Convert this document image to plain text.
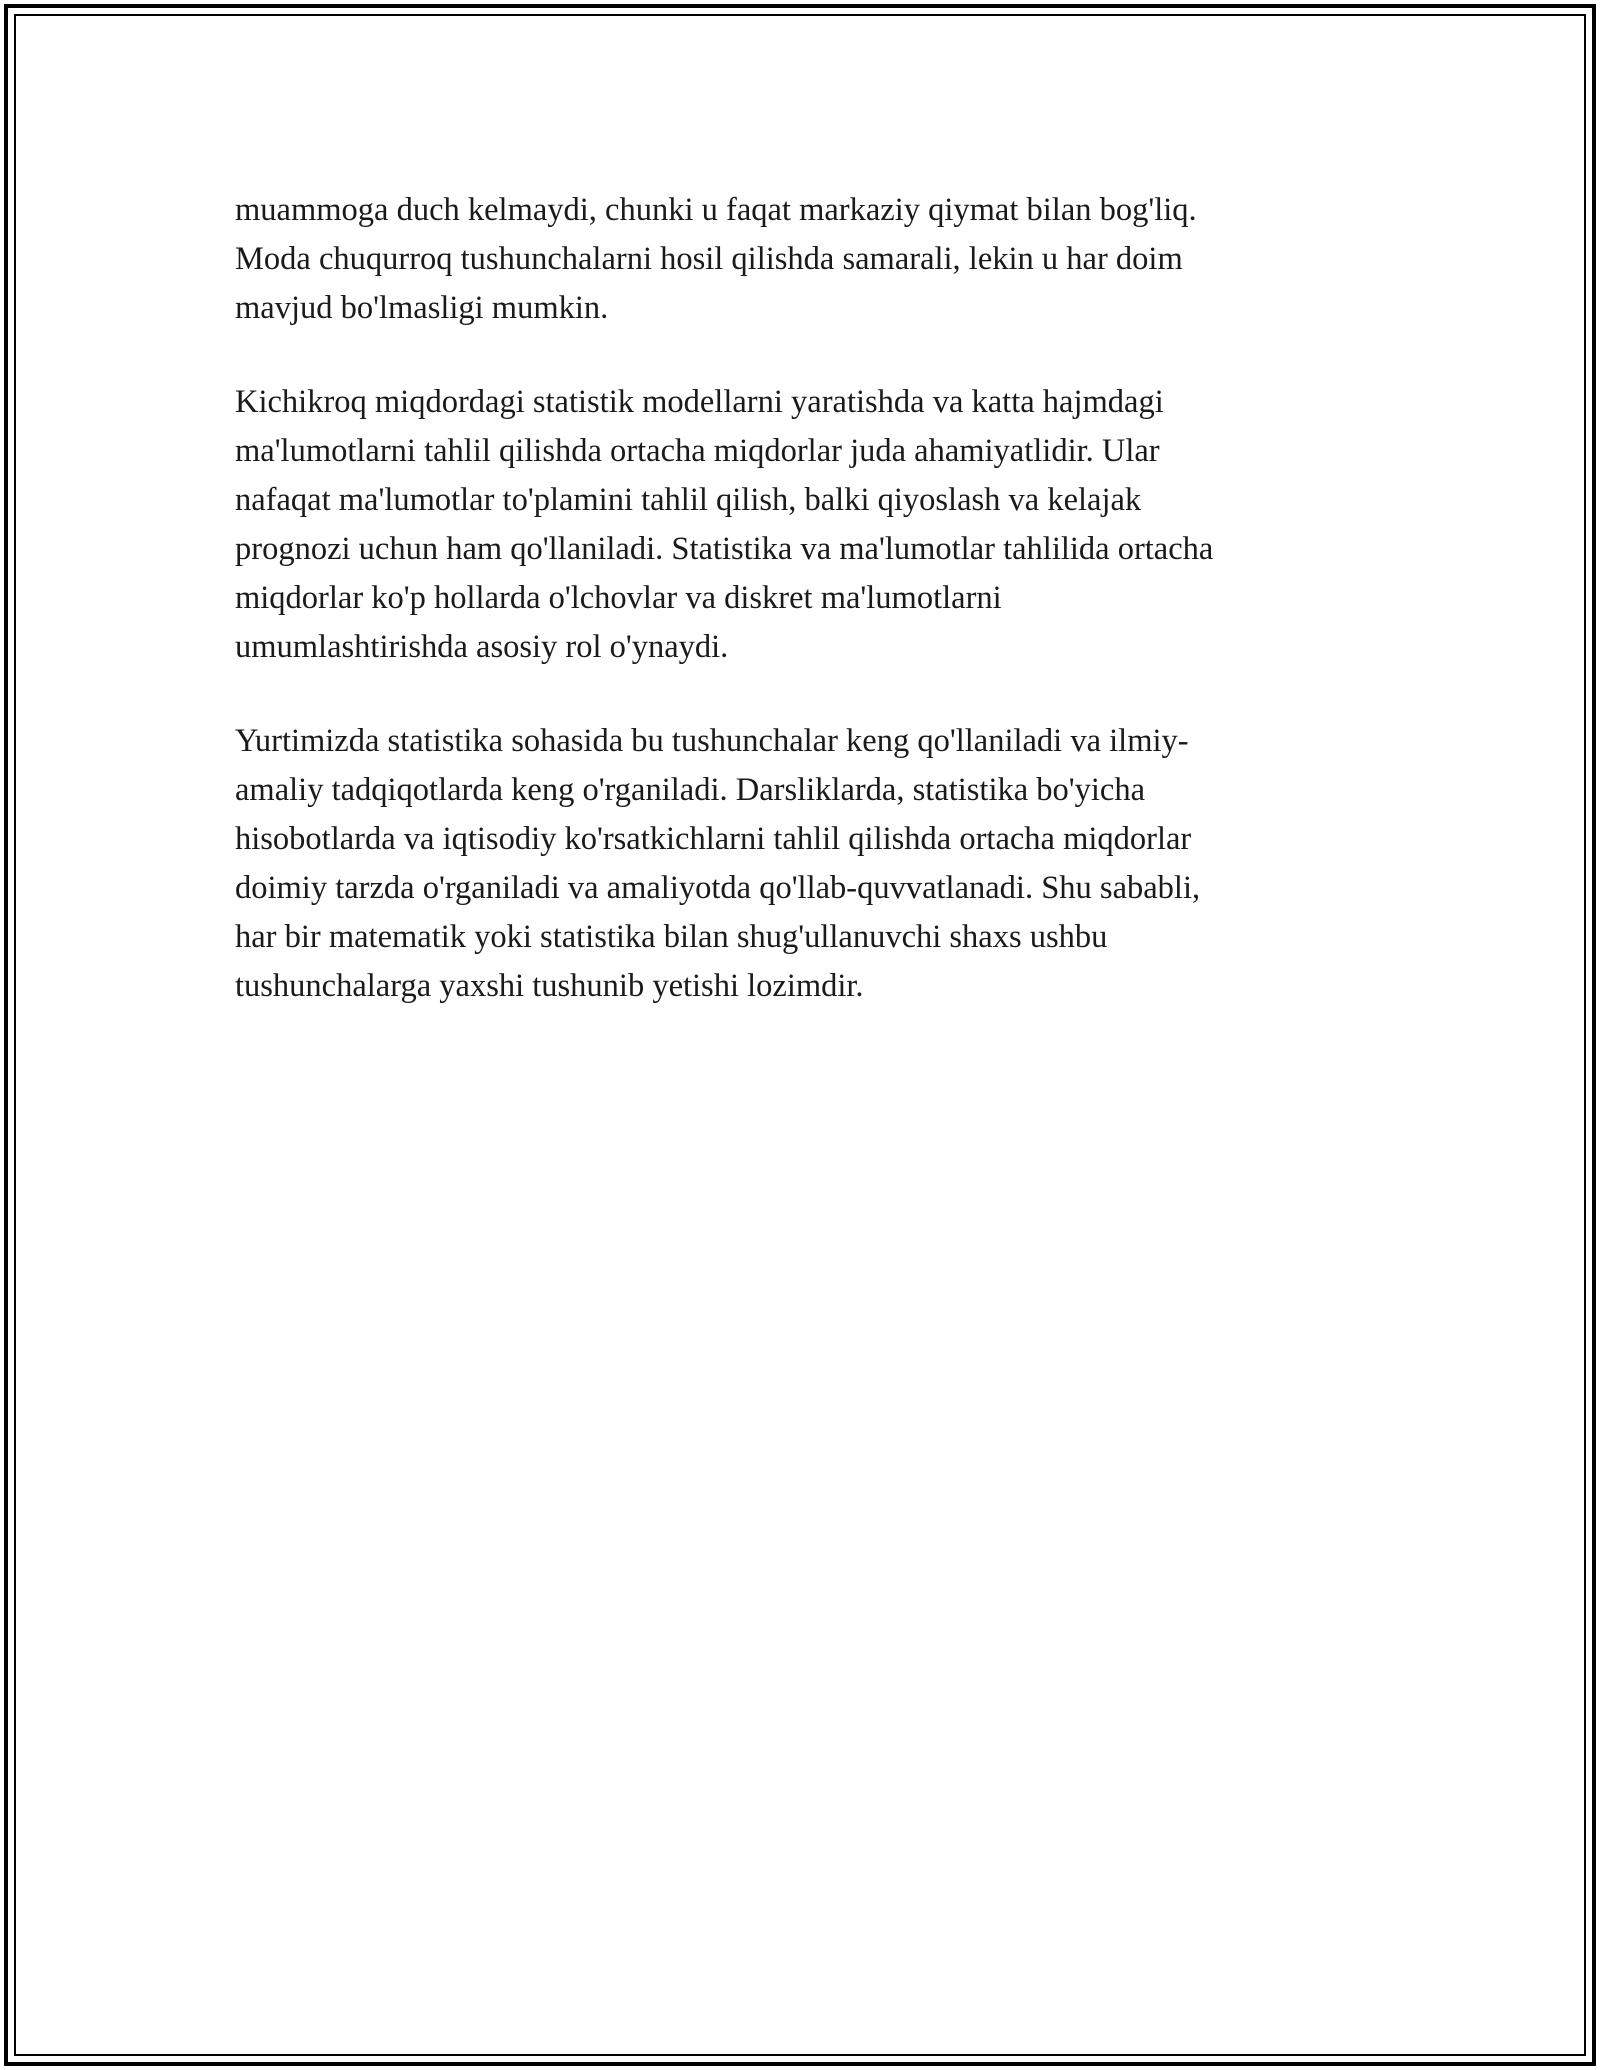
muammoga duch kelmaydi, chunki u faqat markaziy qiymat bilan bog'liq.
Moda chuqurroq tushunchalarni hosil qilishda samarali, lekin u har doim
mavjud bo'lmasligi mumkin.

Kichikroq miqdordagi statistik modellarni yaratishda va katta hajmdagi
ma'lumotlarni tahlil qilishda ortacha miqdorlar juda ahamiyatlidir. Ular
nafaqat ma'lumotlar to'plamini tahlil qilish, balki qiyoslash va kelajak
prognozi uchun ham qo'llaniladi. Statistika va ma'lumotlar tahlilida ortacha
miqdorlar ko'p hollarda o'lchovlar va diskret ma'lumotlarni
umumlashtirishda asosiy rol o'ynaydi.

Yurtimizda statistika sohasida bu tushunchalar keng qo'llaniladi va ilmiy-
amaliy tadqiqotlarda keng o'rganiladi. Darsliklarda, statistika bo'yicha
hisobotlarda va iqtisodiy ko'rsatkichlarni tahlil qilishda ortacha miqdorlar
doimiy tarzda o'rganiladi va amaliyotda qo'llab-quvvatlanadi. Shu sababli,
har bir matematik yoki statistika bilan shug'ullanuvchi shaxs ushbu
tushunchalarga yaxshi tushunib yetishi lozimdir.
